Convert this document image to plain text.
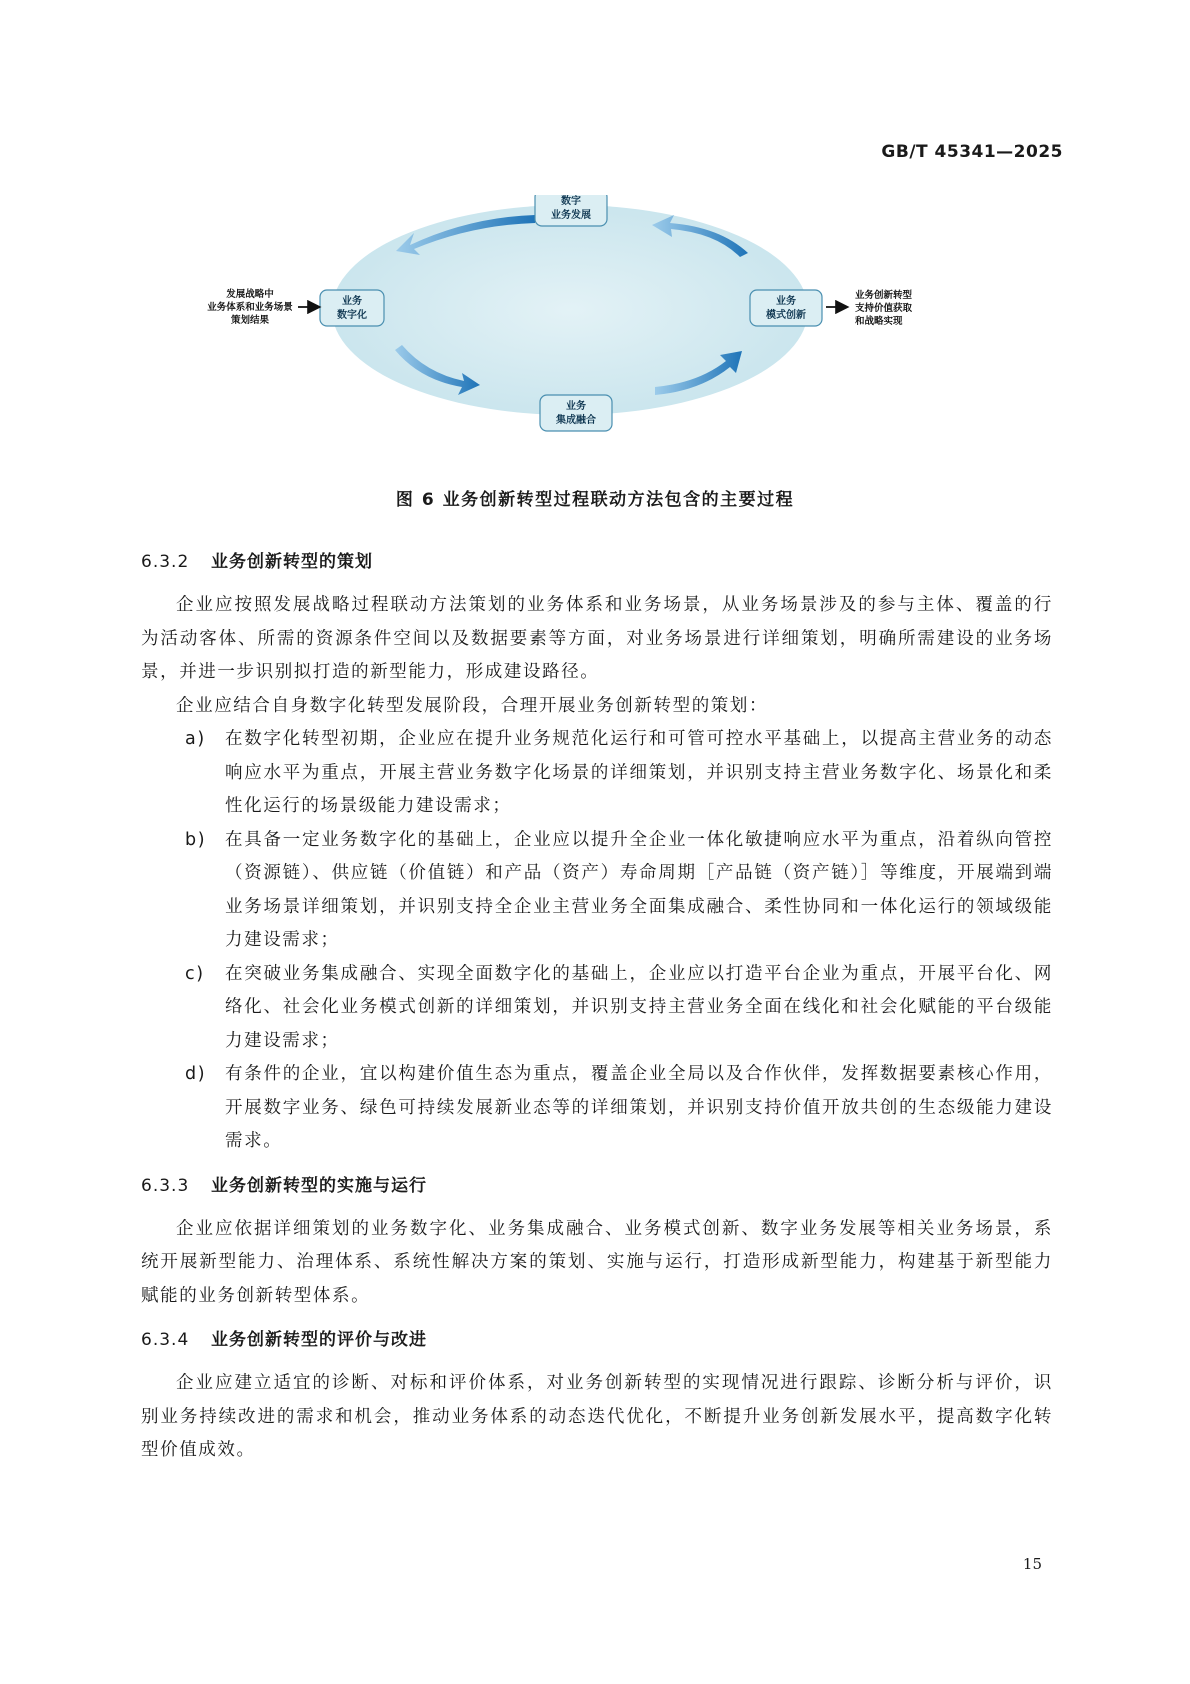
GB/T 45341—2025
数字
业务发展
业务
数字化
业务
模式创新
业务
集成融合
发展战略中
业务体系和业务场景
策划结果
业务创新转型
支持价值获取
和战略实现
图 6 业务创新转型过程联动方法包含的主要过程
6.3.2 业务创新转型的策划

企业应按照发展战略过程联动方法策划的业务体系和业务场景，从业务场景涉及的参与主体、覆盖的行为活动客体、所需的资源条件空间以及数据要素等方面，对业务场景进行详细策划，明确所需建设的业务场景，并进一步识别拟打造的新型能力，形成建设路径。

企业应结合自身数字化转型发展阶段，合理开展业务创新转型的策划：

a) 在数字化转型初期，企业应在提升业务规范化运行和可管可控水平基础上，以提高主营业务的动态响应水平为重点，开展主营业务数字化场景的详细策划，并识别支持主营业务数字化、场景化和柔性化运行的场景级能力建设需求；
b) 在具备一定业务数字化的基础上，企业应以提升全企业一体化敏捷响应水平为重点，沿着纵向管控（资源链）、供应链（价值链）和产品（资产）寿命周期［产品链（资产链）］等维度，开展端到端业务场景详细策划，并识别支持全企业主营业务全面集成融合、柔性协同和一体化运行的领域级能力建设需求；
c) 在突破业务集成融合、实现全面数字化的基础上，企业应以打造平台企业为重点，开展平台化、网络化、社会化业务模式创新的详细策划，并识别支持主营业务全面在线化和社会化赋能的平台级能力建设需求；
d) 有条件的企业，宜以构建价值生态为重点，覆盖企业全局以及合作伙伴，发挥数据要素核心作用，开展数字业务、绿色可持续发展新业态等的详细策划，并识别支持价值开放共创的生态级能力建设需求。
6.3.3 业务创新转型的实施与运行

企业应依据详细策划的业务数字化、业务集成融合、业务模式创新、数字业务发展等相关业务场景，系统开展新型能力、治理体系、系统性解决方案的策划、实施与运行，打造形成新型能力，构建基于新型能力赋能的业务创新转型体系。

6.3.4 业务创新转型的评价与改进

企业应建立适宜的诊断、对标和评价体系，对业务创新转型的实现情况进行跟踪、诊断分析与评价，识别业务持续改进的需求和机会，推动业务体系的动态迭代优化，不断提升业务创新发展水平，提高数字化转型价值成效。

15
